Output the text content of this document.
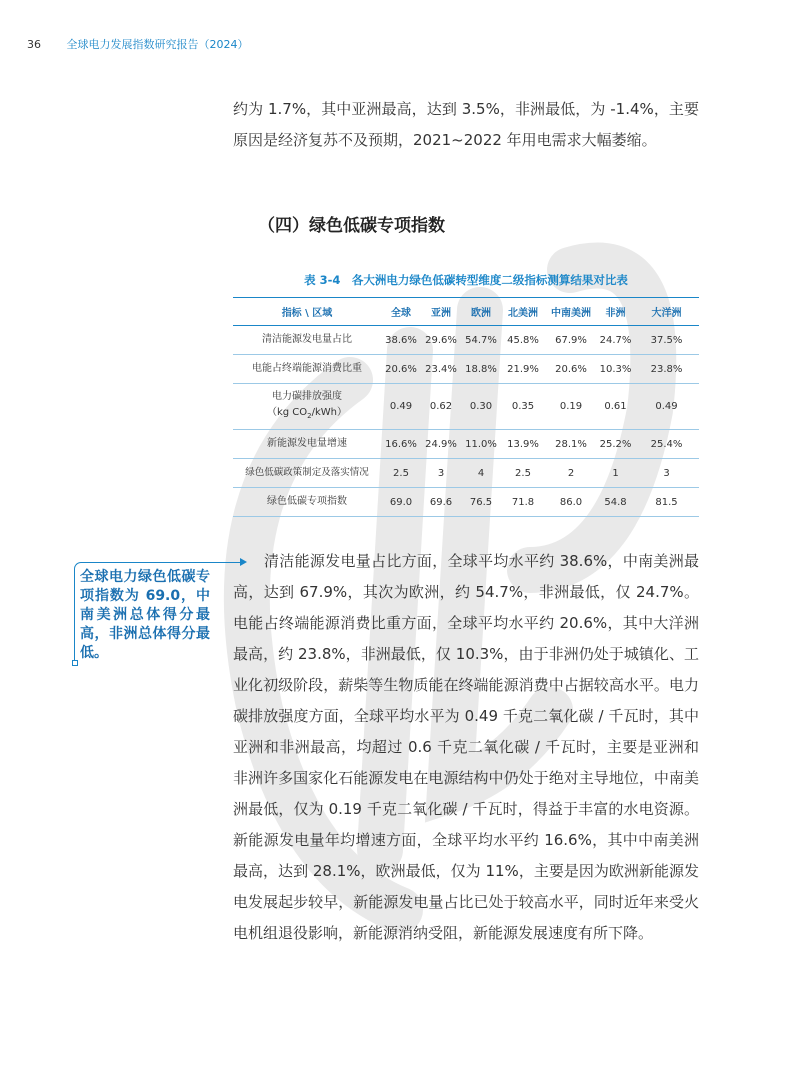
36 全球电力发展指数研究报告（2024）

约为 1.7%，其中亚洲最高，达到 3.5%，非洲最低，为 -1.4%，主要原因是经济复苏不及预期，2021~2022 年用电需求大幅萎缩。

（四）绿色低碳专项指数
表 3-4　各大洲电力绿色低碳转型维度二级指标测算结果对比表
指标 \ 区域	全球	亚洲	欧洲	北美洲	中南美洲	非洲	大洋洲
清洁能源发电量占比	38.6%	29.6%	54.7%	45.8%	67.9%	24.7%	37.5%
电能占终端能源消费比重	20.6%	23.4%	18.8%	21.9%	20.6%	10.3%	23.8%
电力碳排放强度
（kg $CO_2/kWh$）	0.49	0.62	0.30	0.35	0.19	0.61	0.49
新能源发电量增速	16.6%	24.9%	11.0%	13.9%	28.1%	25.2%	25.4%
绿色低碳政策制定及落实情况	2.5	3	4	2.5	2	1	3
绿色低碳专项指数	69.0	69.6	76.5	71.8	86.0	54.8	81.5

全球电力绿色低碳专项指数为 69.0，中南美洲总体得分最高，非洲总体得分最低。

清洁能源发电量占比方面，全球平均水平约 38.6%，中南美洲最高，达到 67.9%，其次为欧洲，约 54.7%，非洲最低，仅 24.7%。电能占终端能源消费比重方面，全球平均水平约 20.6%，其中大洋洲最高，约 23.8%，非洲最低，仅 10.3%，由于非洲仍处于城镇化、工业化初级阶段，薪柴等生物质能在终端能源消费中占据较高水平。电力碳排放强度方面，全球平均水平为 0.49 千克二氧化碳 / 千瓦时，其中亚洲和非洲最高，均超过 0.6 千克二氧化碳 / 千瓦时，主要是亚洲和非洲许多国家化石能源发电在电源结构中仍处于绝对主导地位，中南美洲最低，仅为 0.19 千克二氧化碳 / 千瓦时，得益于丰富的水电资源。新能源发电量年均增速方面，全球平均水平约 16.6%，其中中南美洲最高，达到 28.1%，欧洲最低，仅为 11%，主要是因为欧洲新能源发电发展起步较早，新能源发电量占比已处于较高水平，同时近年来受火电机组退役影响，新能源消纳受阻，新能源发展速度有所下降。
